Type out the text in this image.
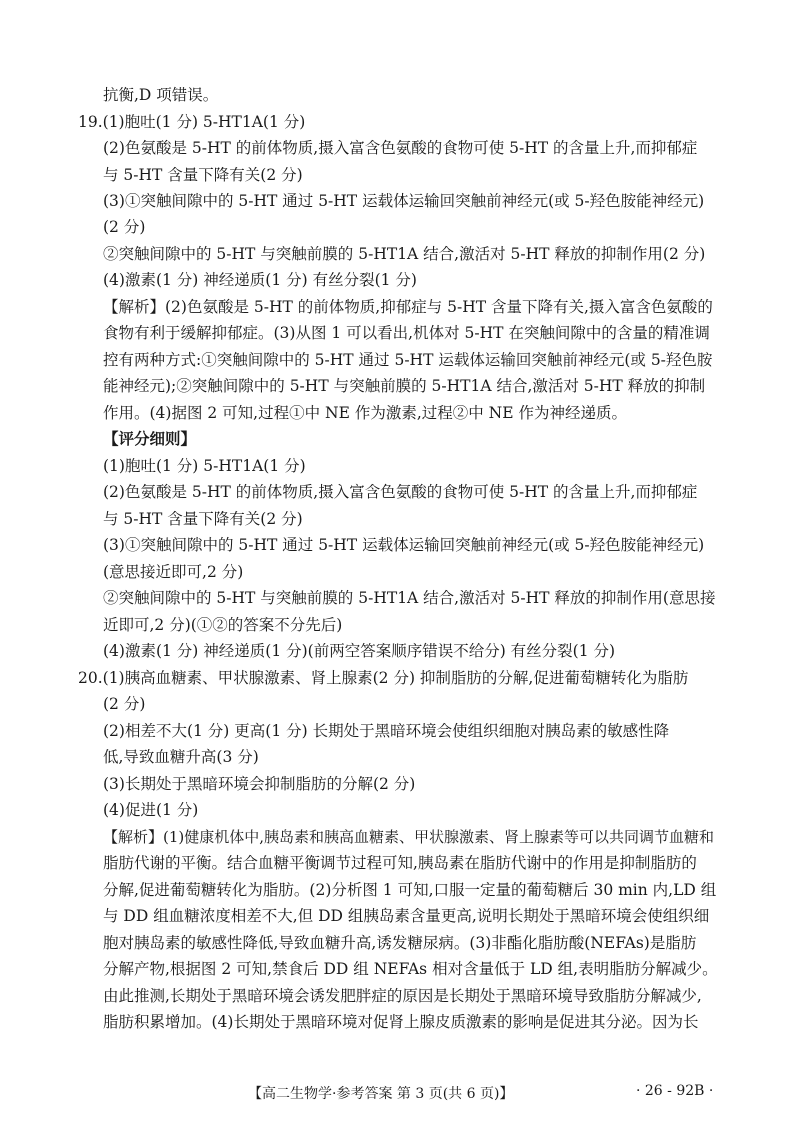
抗衡,D 项错误。
19.(1)胞吐(1 分) 5-HT1A(1 分)
(2)色氨酸是 5-HT 的前体物质,摄入富含色氨酸的食物可使 5-HT 的含量上升,而抑郁症
与 5-HT 含量下降有关(2 分)
(3)①突触间隙中的 5-HT 通过 5-HT 运载体运输回突触前神经元(或 5-羟色胺能神经元)
(2 分)
②突触间隙中的 5-HT 与突触前膜的 5-HT1A 结合,激活对 5-HT 释放的抑制作用(2 分)
(4)激素(1 分) 神经递质(1 分) 有丝分裂(1 分)
【解析】(2)色氨酸是 5-HT 的前体物质,抑郁症与 5-HT 含量下降有关,摄入富含色氨酸的
食物有利于缓解抑郁症。(3)从图 1 可以看出,机体对 5-HT 在突触间隙中的含量的精准调
控有两种方式:①突触间隙中的 5-HT 通过 5-HT 运载体运输回突触前神经元(或 5-羟色胺
能神经元);②突触间隙中的 5-HT 与突触前膜的 5-HT1A 结合,激活对 5-HT 释放的抑制
作用。(4)据图 2 可知,过程①中 NE 作为激素,过程②中 NE 作为神经递质。
【评分细则】
(1)胞吐(1 分) 5-HT1A(1 分)
(2)色氨酸是 5-HT 的前体物质,摄入富含色氨酸的食物可使 5-HT 的含量上升,而抑郁症
与 5-HT 含量下降有关(2 分)
(3)①突触间隙中的 5-HT 通过 5-HT 运载体运输回突触前神经元(或 5-羟色胺能神经元)
(意思接近即可,2 分)
②突触间隙中的 5-HT 与突触前膜的 5-HT1A 结合,激活对 5-HT 释放的抑制作用(意思接
近即可,2 分)(①②的答案不分先后)
(4)激素(1 分) 神经递质(1 分)(前两空答案顺序错误不给分) 有丝分裂(1 分)
20.(1)胰高血糖素、甲状腺激素、肾上腺素(2 分) 抑制脂肪的分解,促进葡萄糖转化为脂肪
(2 分)
(2)相差不大(1 分) 更高(1 分) 长期处于黑暗环境会使组织细胞对胰岛素的敏感性降
低,导致血糖升高(3 分)
(3)长期处于黑暗环境会抑制脂肪的分解(2 分)
(4)促进(1 分)
【解析】(1)健康机体中,胰岛素和胰高血糖素、甲状腺激素、肾上腺素等可以共同调节血糖和
脂肪代谢的平衡。结合血糖平衡调节过程可知,胰岛素在脂肪代谢中的作用是抑制脂肪的
分解,促进葡萄糖转化为脂肪。(2)分析图 1 可知,口服一定量的葡萄糖后 30 min 内,LD 组
与 DD 组血糖浓度相差不大,但 DD 组胰岛素含量更高,说明长期处于黑暗环境会使组织细
胞对胰岛素的敏感性降低,导致血糖升高,诱发糖尿病。(3)非酯化脂肪酸(NEFAs)是脂肪
分解产物,根据图 2 可知,禁食后 DD 组 NEFAs 相对含量低于 LD 组,表明脂肪分解减少。
由此推测,长期处于黑暗环境会诱发肥胖症的原因是长期处于黑暗环境导致脂肪分解减少,
脂肪积累增加。(4)长期处于黑暗环境对促肾上腺皮质激素的影响是促进其分泌。因为长
【高二生物学·参考答案 第 3 页(共 6 页)】	· 26 - 92B ·
